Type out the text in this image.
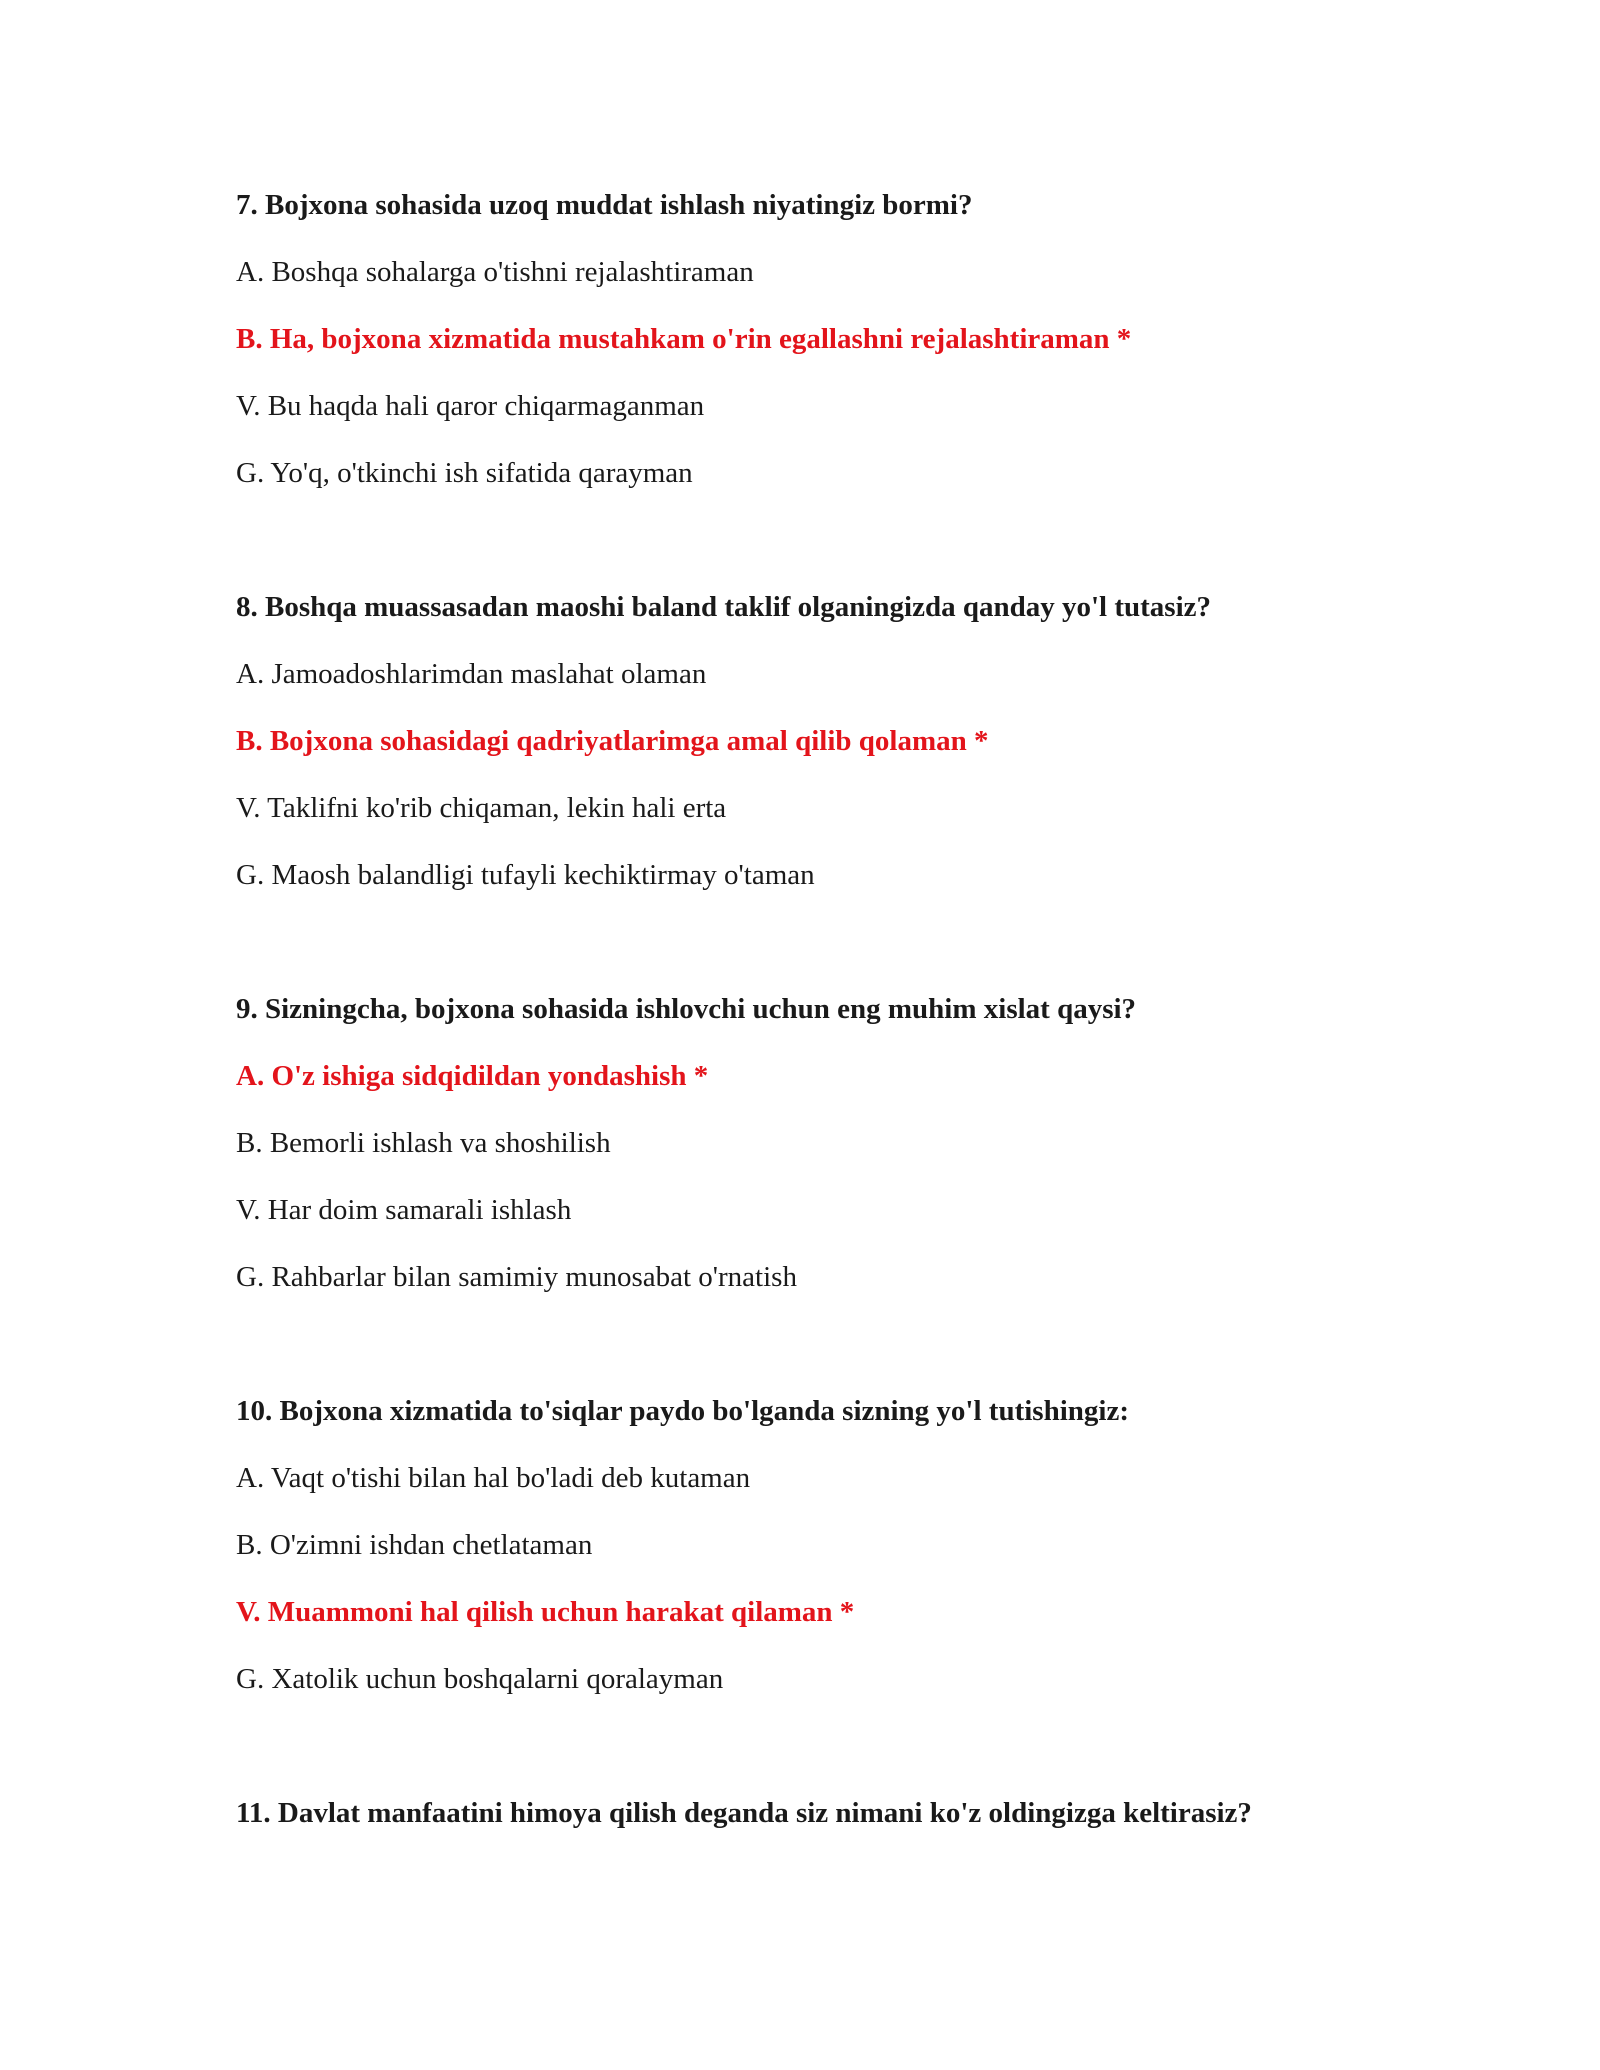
7. Bojxona sohasida uzoq muddat ishlash niyatingiz bormi?
A. Boshqa sohalarga o'tishni rejalashtiraman
B. Ha, bojxona xizmatida mustahkam o'rin egallashni rejalashtiraman *
V. Bu haqda hali qaror chiqarmaganman
G. Yo'q, o'tkinchi ish sifatida qarayman
8. Boshqa muassasadan maoshi baland taklif olganingizda qanday yo'l tutasiz?
A. Jamoadoshlarimdan maslahat olaman
B. Bojxona sohasidagi qadriyatlarimga amal qilib qolaman *
V. Taklifni ko'rib chiqaman, lekin hali erta
G. Maosh balandligi tufayli kechiktirmay o'taman
9. Sizningcha, bojxona sohasida ishlovchi uchun eng muhim xislat qaysi?
A. O'z ishiga sidqidildan yondashish *
B. Bemorli ishlash va shoshilish
V. Har doim samarali ishlash
G. Rahbarlar bilan samimiy munosabat o'rnatish
10. Bojxona xizmatida to'siqlar paydo bo'lganda sizning yo'l tutishingiz:
A. Vaqt o'tishi bilan hal bo'ladi deb kutaman
B. O'zimni ishdan chetlataman
V. Muammoni hal qilish uchun harakat qilaman *
G. Xatolik uchun boshqalarni qoralayman
11. Davlat manfaatini himoya qilish deganda siz nimani ko'z oldingizga keltirasiz?
